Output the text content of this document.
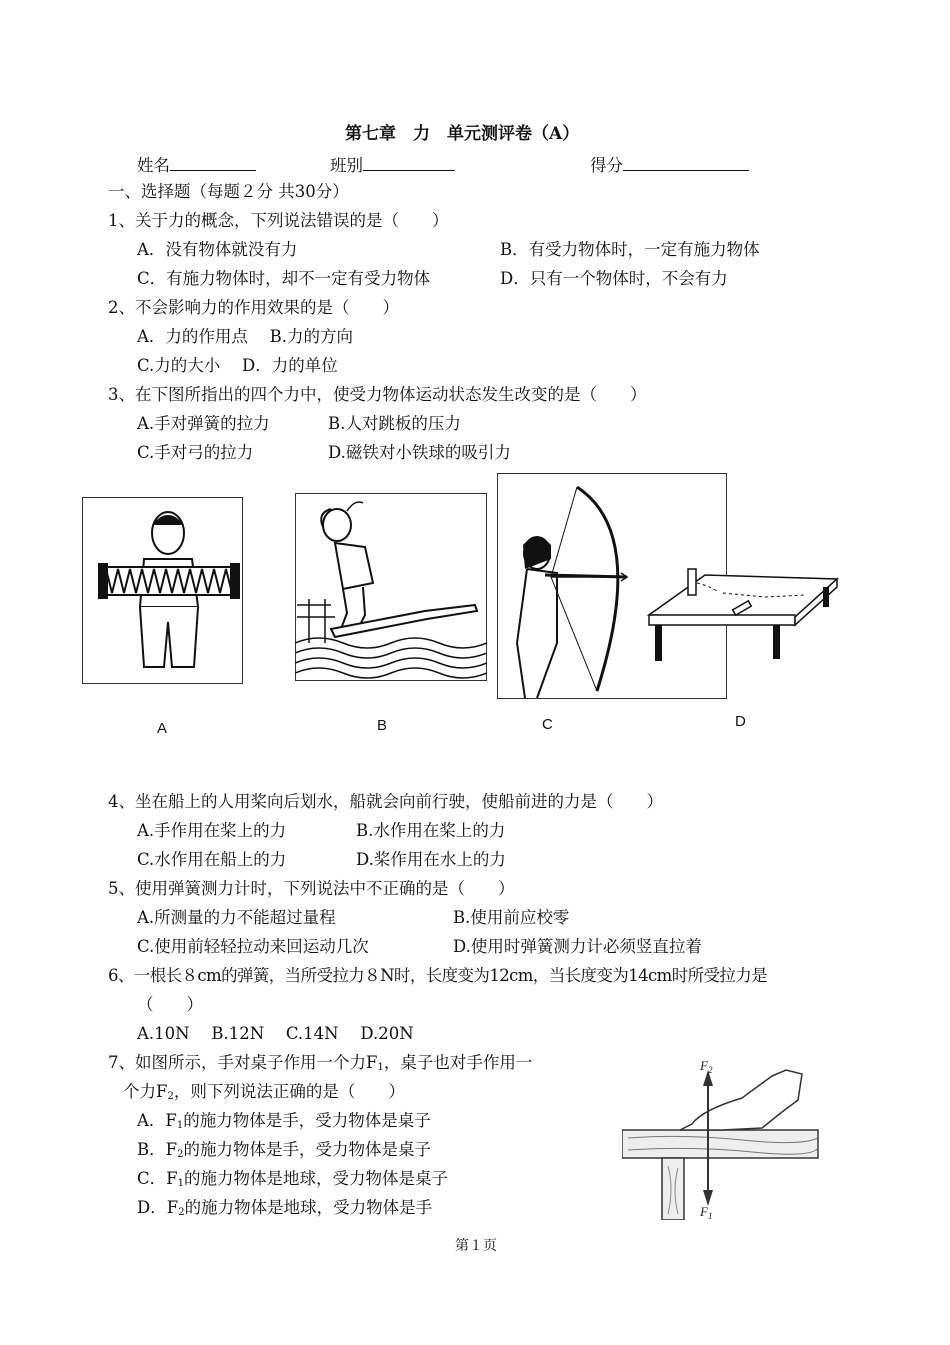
第七章　力　单元测评卷（A）
姓名	班别	得分
一、选择题（每题２分 共30分）
1、关于力的概念，下列说法错误的是（　　）
A．没有物体就没有力	B．有受力物体时，一定有施力物体
C．有施力物体时，却不一定有受力物体	D．只有一个物体时，不会有力
2、不会影响力的作用效果的是（　　）
A．力的作用点　 B.力的方向
C.力的大小　 D．力的单位
3、在下图所指出的四个力中，使受力物体运动状态发生改变的是（　　）
A.手对弹簧的拉力	B.人对跳板的压力
C.手对弓的拉力	D.磁铁对小铁球的吸引力
A	B	C	D
4、坐在船上的人用桨向后划水，船就会向前行驶，使船前进的力是（　　）
A.手作用在桨上的力	B.水作用在桨上的力
C.水作用在船上的力	D.桨作用在水上的力
5、使用弹簧测力计时，下列说法中不正确的是（　　）
A.所测量的力不能超过量程	B.使用前应校零
C.使用前轻轻拉动来回运动几次	D.使用时弹簧测力计必须竖直拉着
6、一根长８cm的弹簧，当所受拉力８N时，长度变为12cm，当长度变为14cm时所受拉力是
（　　）
A.10N　 B.12N　 C.14N　 D.20N
7、如图所示，手对桌子作用一个力$F_1$，桌子也对手作用一
个力$F_2$，则下列说法正确的是（　　）
A．$F_1$的施力物体是手，受力物体是桌子
B．$F_2$的施力物体是手，受力物体是桌子
C．$F_1$的施力物体是地球，受力物体是桌子
D．$F_2$的施力物体是地球，受力物体是手
$F_2$
$F_1$
第１页
